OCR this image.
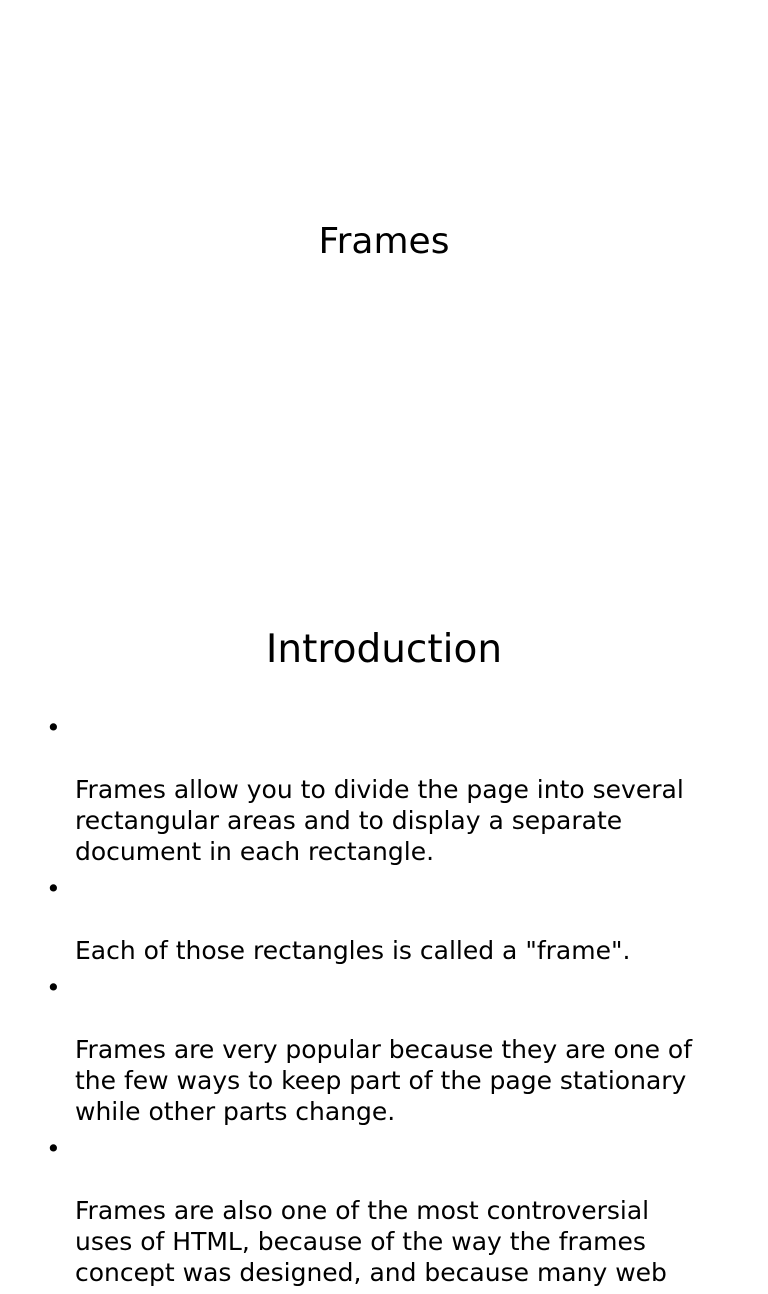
Frames
Introduction

•

Frames allow you to divide the page into several
rectangular areas and to display a separate
document in each rectangle.

•

Each of those rectangles is called a "frame".

•

Frames are very popular because they are one of
the few ways to keep part of the page stationary
while other parts change.

•

Frames are also one of the most controversial
uses of HTML, because of the way the frames
concept was designed, and because many web
